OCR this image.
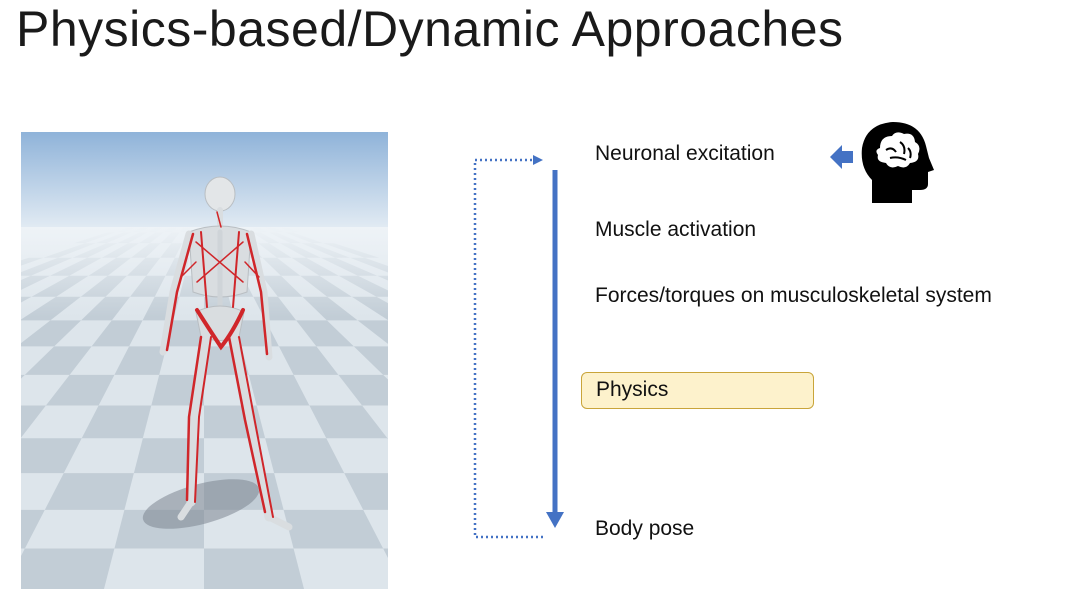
Physics-based/Dynamic Approaches
Neuronal excitation
Muscle activation
Forces/torques on musculoskeletal system
Physics
Body pose
